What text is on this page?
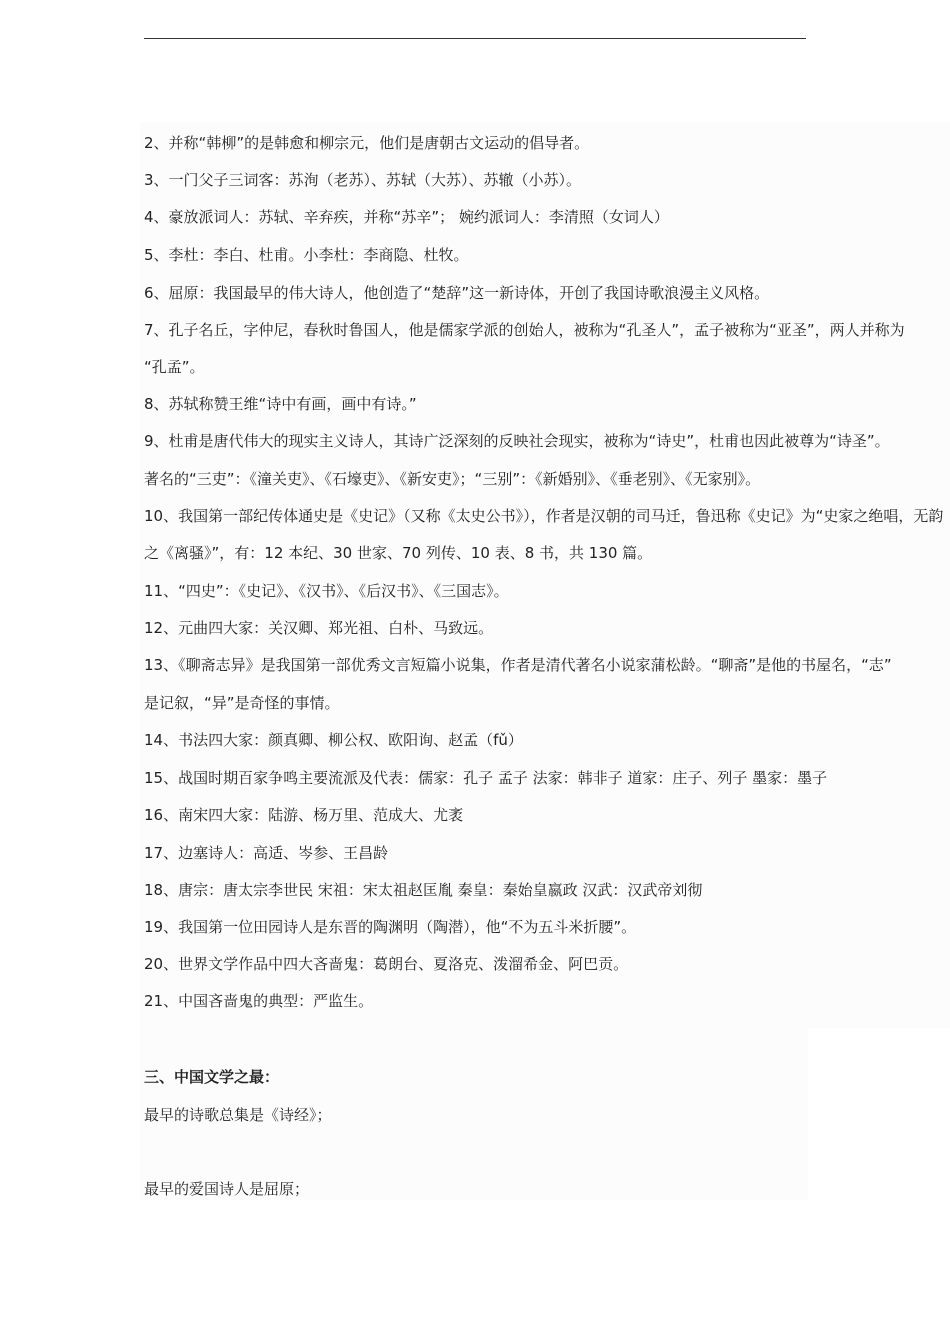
2、并称“韩柳”的是韩愈和柳宗元，他们是唐朝古文运动的倡导者。
3、一门父子三词客：苏洵（老苏）、苏轼（大苏）、苏辙（小苏）。
4、豪放派词人：苏轼、辛弃疾，并称“苏辛”； 婉约派词人：李清照（女词人）
5、李杜：李白、杜甫。小李杜：李商隐、杜牧。
6、屈原：我国最早的伟大诗人，他创造了“楚辞”这一新诗体，开创了我国诗歌浪漫主义风格。
7、孔子名丘，字仲尼，春秋时鲁国人，他是儒家学派的创始人，被称为“孔圣人”，孟子被称为“亚圣”，两人并称为
“孔孟”。
8、苏轼称赞王维“诗中有画，画中有诗。”
9、杜甫是唐代伟大的现实主义诗人，其诗广泛深刻的反映社会现实，被称为“诗史”，杜甫也因此被尊为“诗圣”。
著名的“三吏”：《潼关吏》、《石壕吏》、《新安吏》；“三别”：《新婚别》、《垂老别》、《无家别》。
10、我国第一部纪传体通史是《史记》（又称《太史公书》），作者是汉朝的司马迁，鲁迅称《史记》为“史家之绝唱，无韵
之《离骚》”，有：12 本纪、30 世家、70 列传、10 表、8 书，共 130 篇。
11、“四史”：《史记》、《汉书》、《后汉书》、《三国志》。
12、元曲四大家：关汉卿、郑光祖、白朴、马致远。
13、《聊斋志异》是我国第一部优秀文言短篇小说集，作者是清代著名小说家蒲松龄。“聊斋”是他的书屋名，“志”
是记叙，“异”是奇怪的事情。
14、书法四大家：颜真卿、柳公权、欧阳询、赵孟（fǔ）
15、战国时期百家争鸣主要流派及代表：儒家：孔子 孟子 法家：韩非子 道家：庄子、列子 墨家：墨子
16、南宋四大家：陆游、杨万里、范成大、尤袤
17、边塞诗人：高适、岑参、王昌龄
18、唐宗：唐太宗李世民 宋祖：宋太祖赵匡胤 秦皇：秦始皇嬴政 汉武：汉武帝刘彻
19、我国第一位田园诗人是东晋的陶渊明（陶潜），他“不为五斗米折腰”。
20、世界文学作品中四大吝啬鬼：葛朗台、夏洛克、泼溜希金、阿巴贡。
21、中国吝啬鬼的典型：严监生。
三、中国文学之最：
最早的诗歌总集是《诗经》；
最早的爱国诗人是屈原；
